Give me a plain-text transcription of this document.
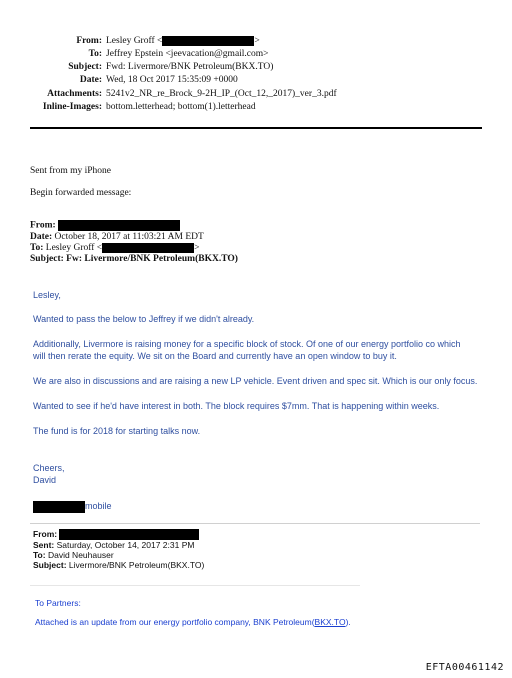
From: Lesley Groff <	>
To: Jeffrey Epstein <jeevacation@gmail.com>
Subject: Fwd: Livermore/BNK Petroleum(BKX.TO)
Date: Wed, 18 Oct 2017 15:35:09 +0000
Attachments: 5241v2_NR_re_Brock_9-2H_IP_(Oct_12,_2017)_ver_3.pdf
Inline-Images: bottom.letterhead; bottom(1).letterhead
Sent from my iPhone
Begin forwarded message:
From:
Date: October 18, 2017 at 11:03:21 AM EDT
To: Lesley Groff <	>
Subject: Fw: Livermore/BNK Petroleum(BKX.TO)
Lesley,
Wanted to pass the below to Jeffrey if we didn't already.
Additionally, Livermore is raising money for a specific block of stock. Of one of our energy portfolio co which
will then rerate the equity. We sit on the Board and currently have an open window to buy it.
We are also in discussions and are raising a new LP vehicle. Event driven and spec sit. Which is our only focus.
Wanted to see if he'd have interest in both. The block requires $7mm. That is happening within weeks.
The fund is for 2018 for starting talks now.
Cheers,
David
mobile
From:
Sent: Saturday, October 14, 2017 2:31 PM
To: David Neuhauser
Subject: Livermore/BNK Petroleum(BKX.TO)
To Partners:
Attached is an update from our energy portfolio company, BNK Petroleum(BKX.TO).
EFTA00461142
